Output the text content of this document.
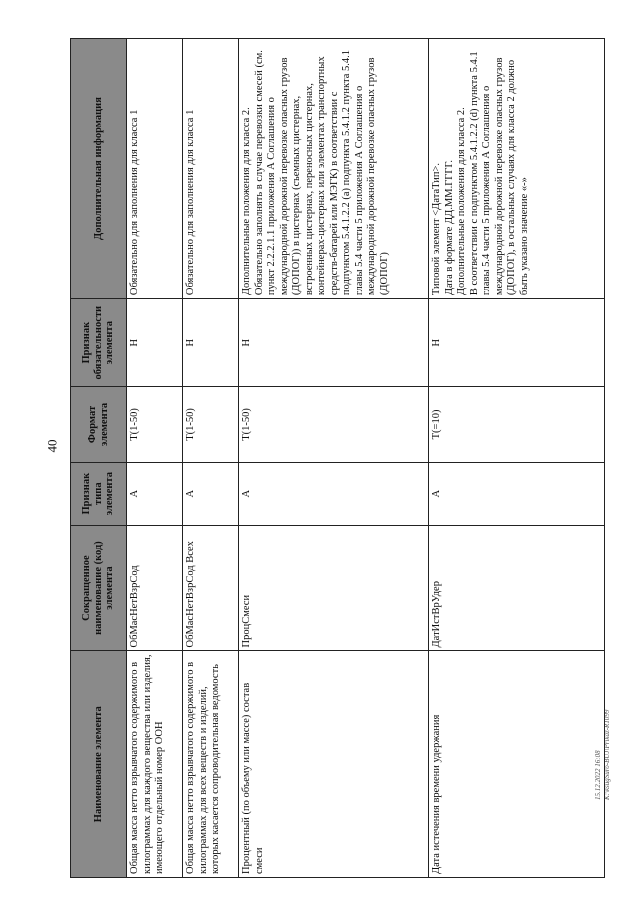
40
15.12.2022 16:08 K:\ksugSuro-BUJ\Prikaz-R1099
Наименование элемента	Сокращенное наименование (код) элемента	Признак типа элемента	Формат элемента	Признак обязательности элемента	Дополнительная информация
Общая масса нетто взрывчатого содержимого в килограммах для каждого вещества или изделия, имеющего отдельный номер ООН	ОбМасНетВзрСод	А	T(1-50)	Н	Обязательно для заполнения для класса 1

Общая масса нетто взрывчатого содержимого в килограммах для всех веществ и изделий, которых касается сопроводительная ведомость	ОбМасНетВзрСод Всех	А	T(1-50)	Н	Обязательно для заполнения для класса 1

Процентный (по объему или массе) состав смеси	ПроцСмеси	А	T(1-50)	Н	Дополнительные положения для класса 2. Обязательно заполнять в случае перевозки смесей (см. пункт 2.2.2.1.1 приложения А Соглашения о международной дорожной перевозке опасных грузов (ДОПОГ)) в цистернах (съемных цистернах, встроенных цистернах, переносных цистернах, контейнерах-цистернах или элементах транспортных средств-батарей или МЭГК) в соответствии с подпунктом 5.4.1.2.2 (a) подпункта 5.4.1.2 пункта 5.4.1 главы 5.4 части 5 приложения А Соглашения о международной дорожной перевозке опасных грузов (ДОПОГ)

Дата истечения времени удержания	ДатИстВрУдер	А	T(=10)	Н	Типовой элемент <ДатаТип>. Дата в формате ДД.ММ.ГГГГ. Дополнительные положения для класса 2. В соответствии с подпунктом 5.4.1.2.2 (d) пункта 5.4.1 главы 5.4 части 5 приложения А Соглашения о международной дорожной перевозке опасных грузов (ДОПОГ), в остальных случаях для класса 2 должно быть указано значение «-»
